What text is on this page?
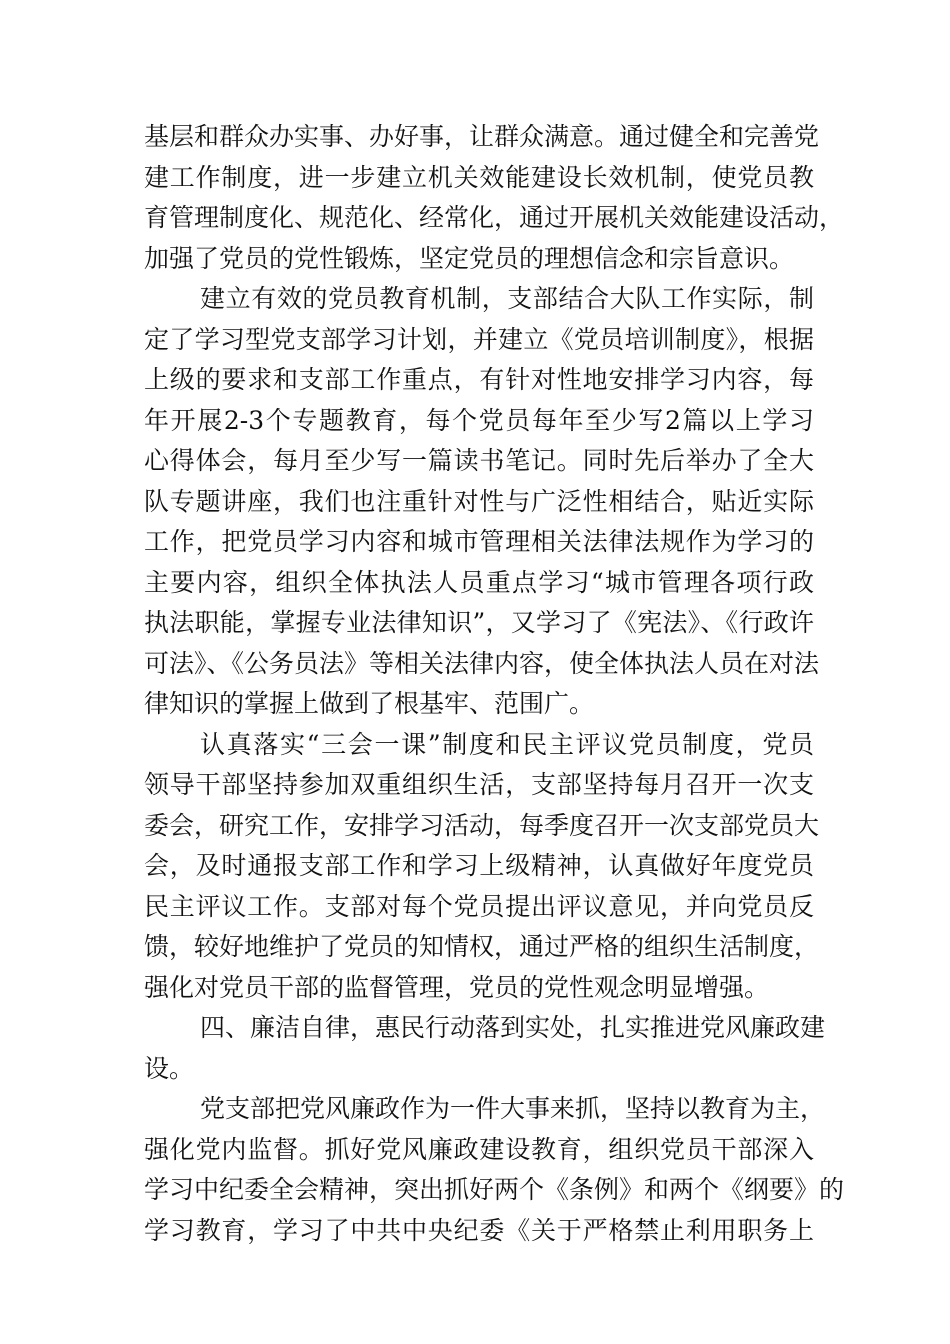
基层和群众办实事、办好事，让群众满意。通过健全和完善党
建工作制度，进一步建立机关效能建设长效机制，使党员教
育管理制度化、规范化、经常化，通过开展机关效能建设活动，
加强了党员的党性锻炼，坚定党员的理想信念和宗旨意识。
建立有效的党员教育机制，支部结合大队工作实际，制
定了学习型党支部学习计划，并建立《党员培训制度》，根据
上级的要求和支部工作重点，有针对性地安排学习内容，每
年开展2-3个专题教育，每个党员每年至少写2篇以上学习
心得体会，每月至少写一篇读书笔记。同时先后举办了全大
队专题讲座，我们也注重针对性与广泛性相结合，贴近实际
工作，把党员学习内容和城市管理相关法律法规作为学习的
主要内容，组织全体执法人员重点学习“城市管理各项行政
执法职能，掌握专业法律知识”，又学习了《宪法》、《行政许
可法》、《公务员法》等相关法律内容，使全体执法人员在对法
律知识的掌握上做到了根基牢、范围广。
认真落实“三会一课”制度和民主评议党员制度，党员
领导干部坚持参加双重组织生活，支部坚持每月召开一次支
委会，研究工作，安排学习活动，每季度召开一次支部党员大
会，及时通报支部工作和学习上级精神，认真做好年度党员
民主评议工作。支部对每个党员提出评议意见，并向党员反
馈，较好地维护了党员的知情权，通过严格的组织生活制度，
强化对党员干部的监督管理，党员的党性观念明显增强。
四、廉洁自律，惠民行动落到实处，扎实推进党风廉政建
设。
党支部把党风廉政作为一件大事来抓，坚持以教育为主，
强化党内监督。抓好党风廉政建设教育，组织党员干部深入
学习中纪委全会精神，突出抓好两个《条例》和两个《纲要》的
学习教育，学习了中共中央纪委《关于严格禁止利用职务上
